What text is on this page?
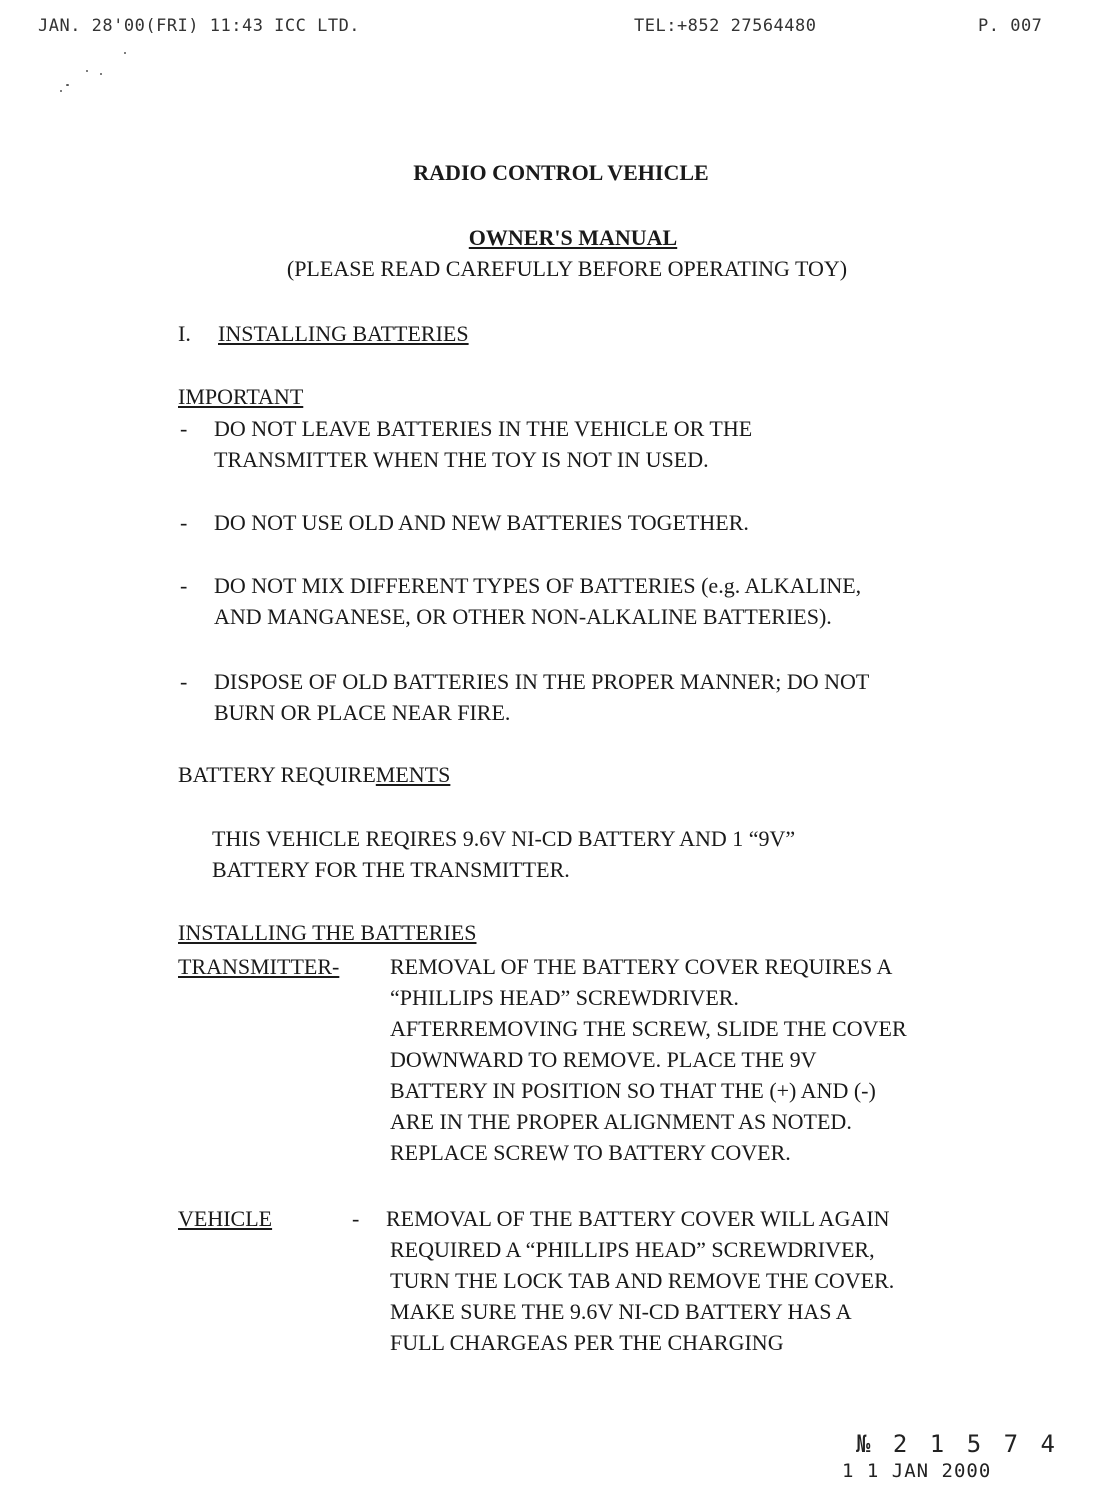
JAN. 28'00(FRI) 11:43 ICC LTD.	TEL:+852 27564480	P. 007
RADIO CONTROL VEHICLE
OWNER'S MANUAL
(PLEASE READ CAREFULLY BEFORE OPERATING TOY)
I. INSTALLING BATTERIES
IMPORTANT
- DO NOT LEAVE BATTERIES IN THE VEHICLE OR THE
TRANSMITTER WHEN THE TOY IS NOT IN USED.
- DO NOT USE OLD AND NEW BATTERIES TOGETHER.
- DO NOT MIX DIFFERENT TYPES OF BATTERIES (e.g. ALKALINE,
AND MANGANESE, OR OTHER NON-ALKALINE BATTERIES).
- DISPOSE OF OLD BATTERIES IN THE PROPER MANNER; DO NOT
BURN OR PLACE NEAR FIRE.
BATTERY REQUIREMENTS
THIS VEHICLE REQIRES 9.6V NI-CD BATTERY AND 1 “9V”
BATTERY FOR THE TRANSMITTER.
INSTALLING THE BATTERIES
TRANSMITTER- REMOVAL OF THE BATTERY COVER REQUIRES A
“PHILLIPS HEAD” SCREWDRIVER.
AFTERREMOVING THE SCREW, SLIDE THE COVER
DOWNWARD TO REMOVE. PLACE THE 9V
BATTERY IN POSITION SO THAT THE (+) AND (-)
ARE IN THE PROPER ALIGNMENT AS NOTED.
REPLACE SCREW TO BATTERY COVER.
VEHICLE	- REMOVAL OF THE BATTERY COVER WILL AGAIN
REQUIRED A “PHILLIPS HEAD” SCREWDRIVER,
TURN THE LOCK TAB AND REMOVE THE COVER.
MAKE SURE THE 9.6V NI-CD BATTERY HAS A
FULL CHARGEAS PER THE CHARGING
№ 2 1 5 7 4
1 1 JAN 2000
